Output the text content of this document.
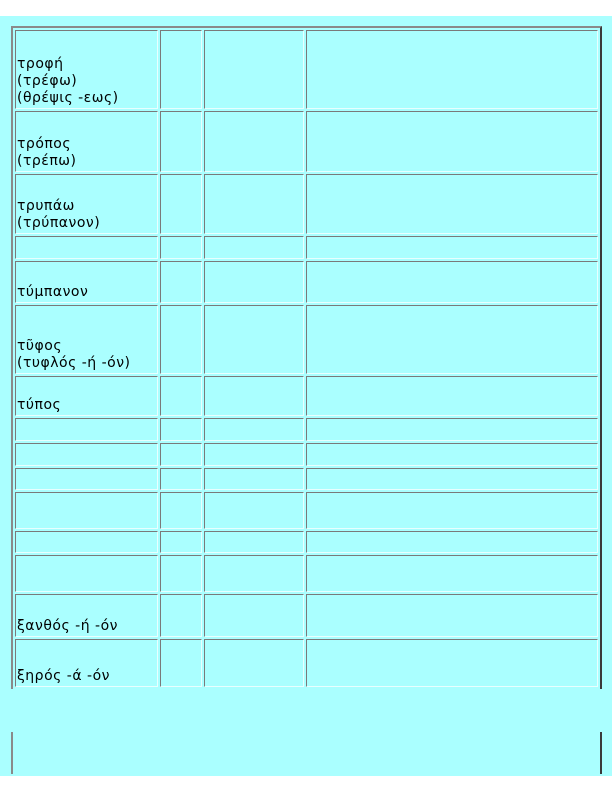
τροφή
(τρέφω)
(θρέψις -εως)			

τρόπος
(τρέπω)			

τρυπάω
(τρύπανον)			

τύμπανον			

τῦφος
(τυφλός -ή -όν)			

τύπος			

ξανθός -ή -όν			

ξηρός -ά -όν			
